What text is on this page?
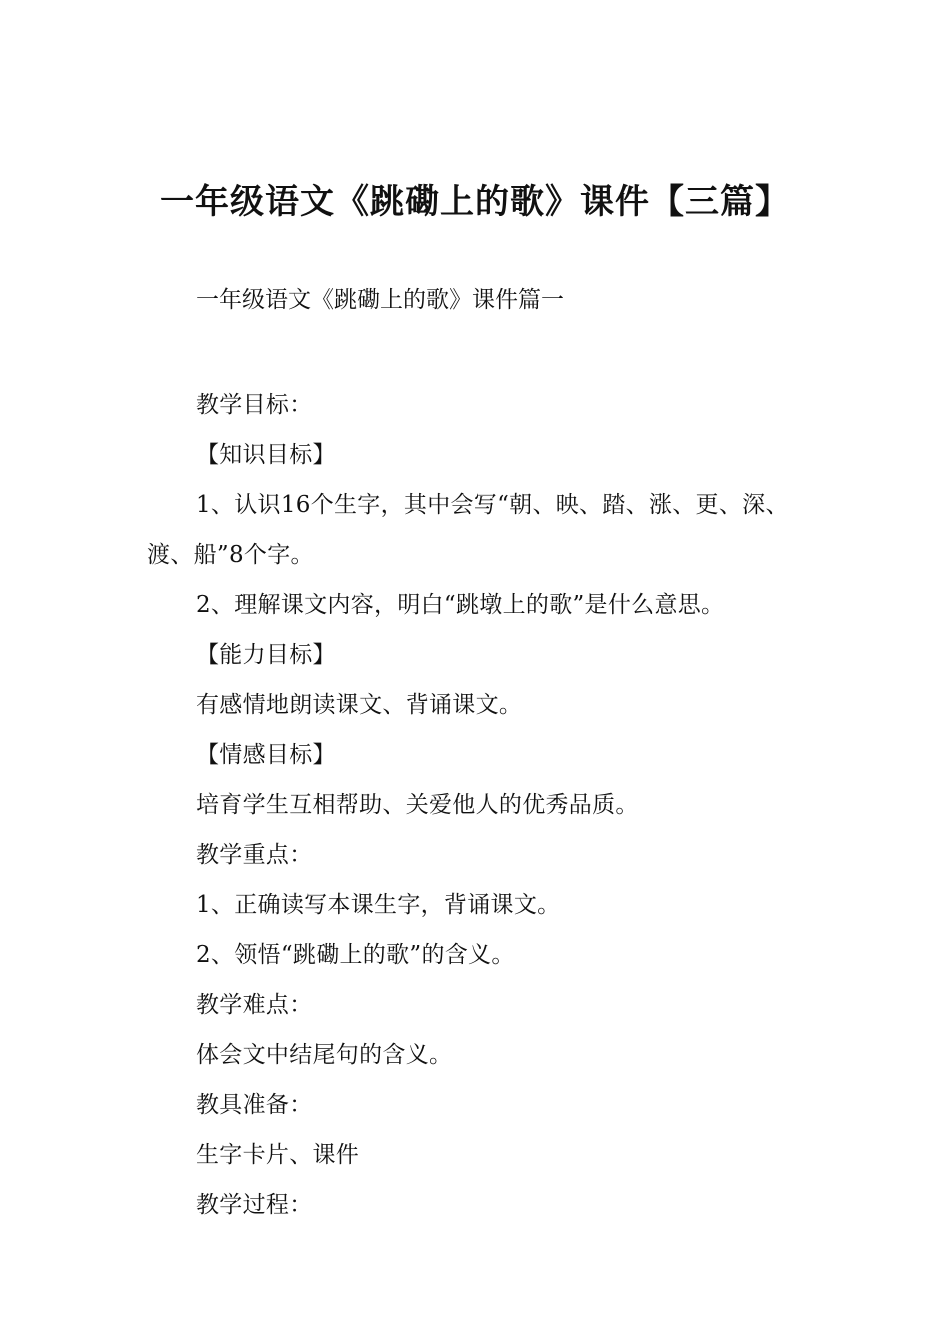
一年级语文《跳磡上的歌》课件【三篇】
一年级语文《跳磡上的歌》课件篇一

教学目标：

【知识目标】

1、认识16个生字，其中会写“朝、映、踏、涨、更、深、渡、船”8个字。

2、理解课文内容，明白“跳墩上的歌”是什么意思。

【能力目标】

有感情地朗读课文、背诵课文。

【情感目标】

培育学生互相帮助、关爱他人的优秀品质。

教学重点：

1、正确读写本课生字，背诵课文。

2、领悟“跳磡上的歌”的含义。

教学难点：

体会文中结尾句的含义。

教具准备：

生字卡片、课件

教学过程：
